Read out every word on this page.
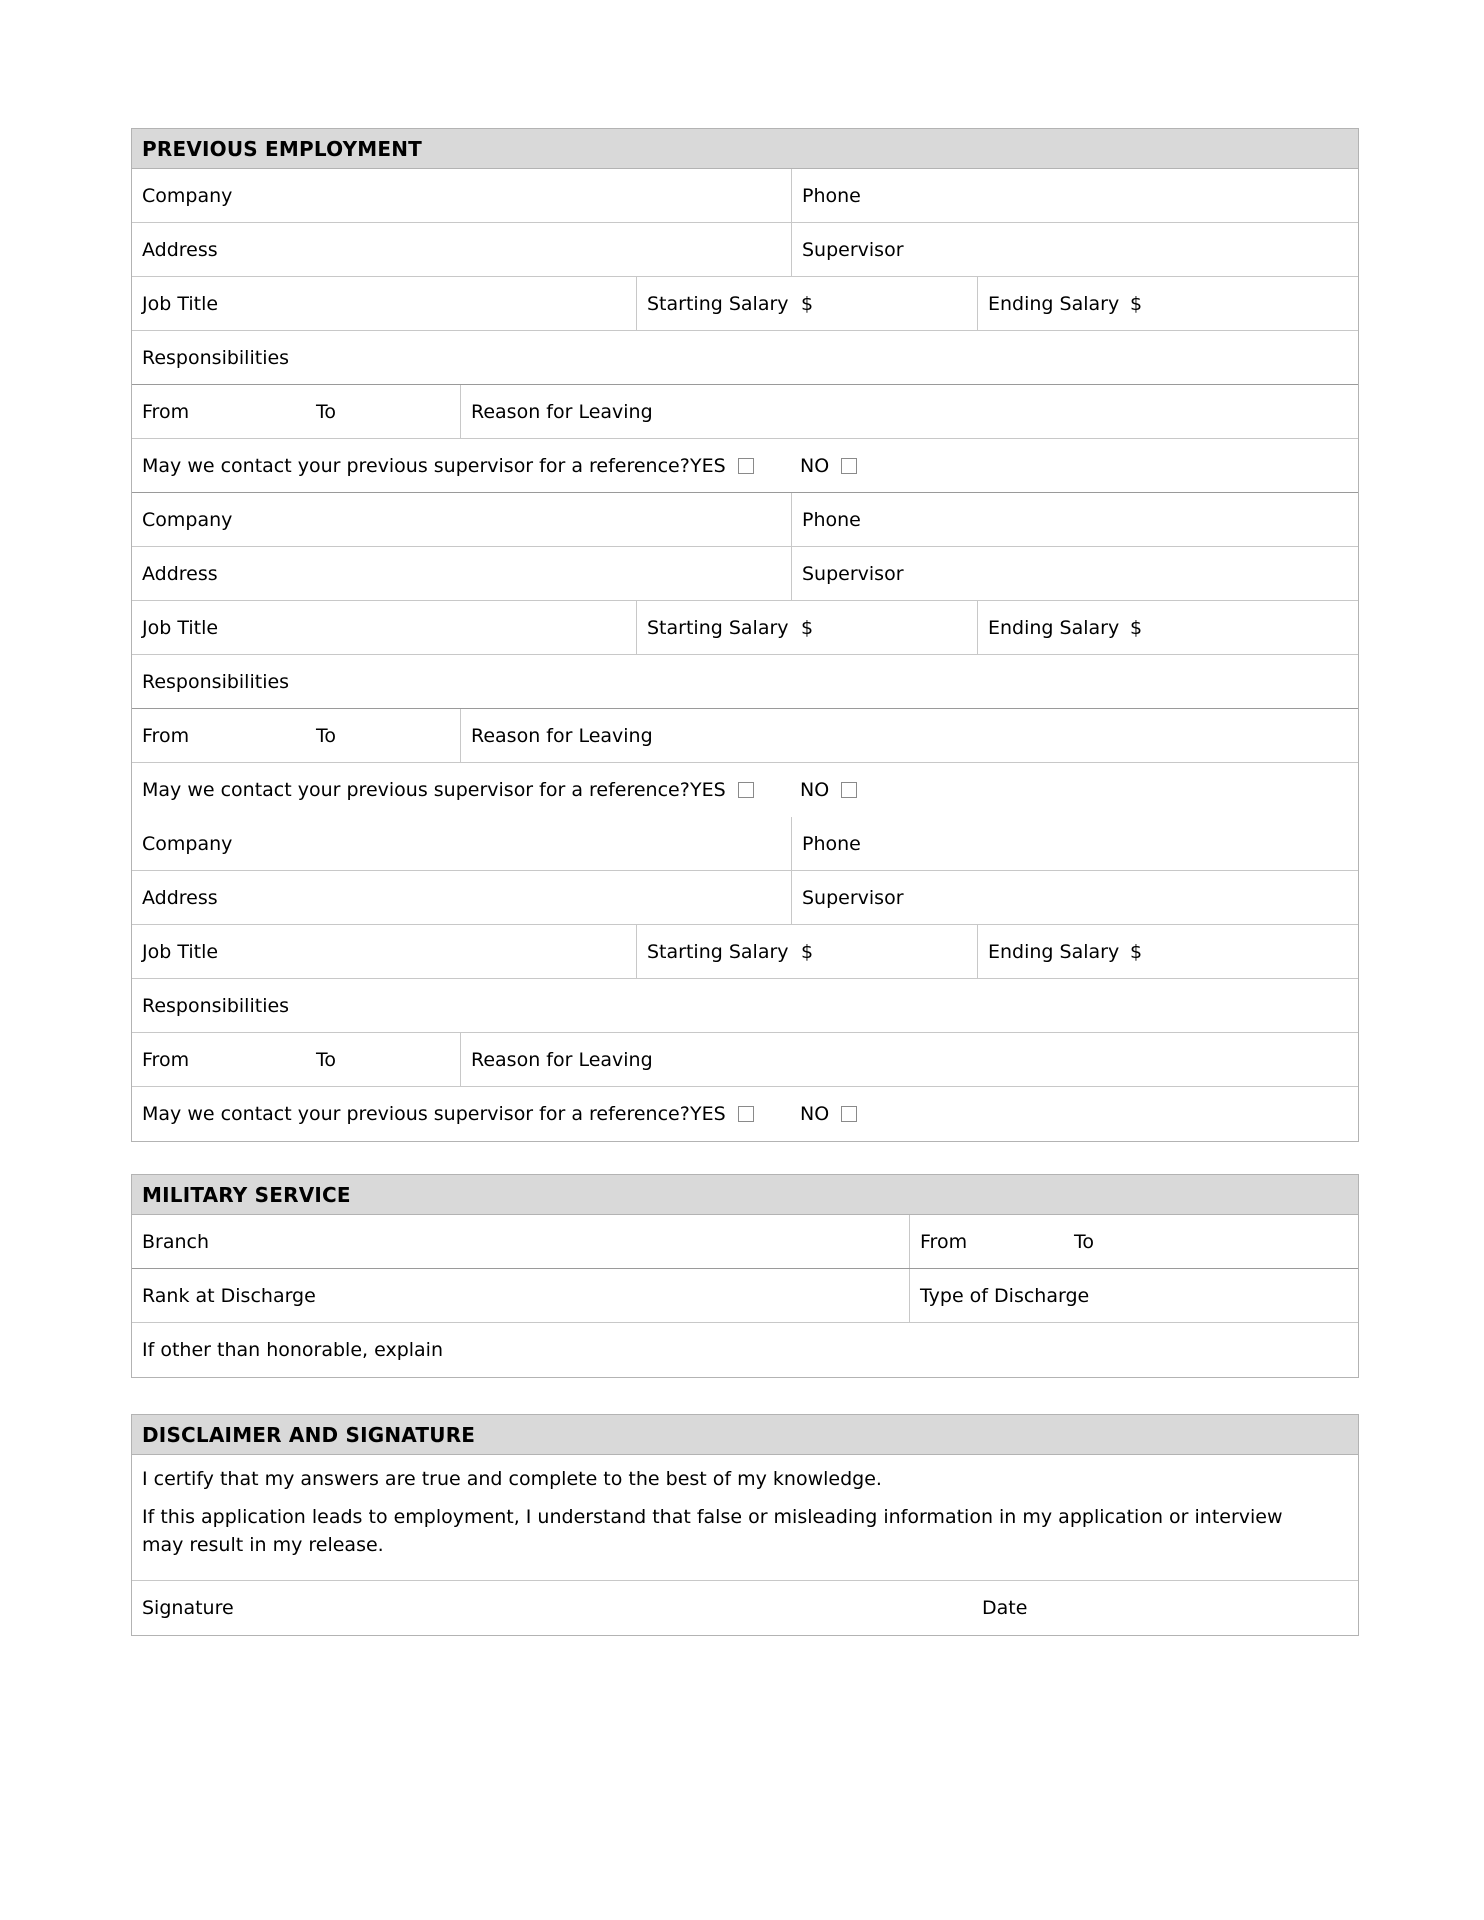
PREVIOUS EMPLOYMENT
Company	Phone
Address	Supervisor
Job Title	Starting Salary $	Ending Salary $
Responsibilities
From	To	Reason for Leaving
May we contact your previous supervisor for a reference? YES	NO
Company	Phone
Address	Supervisor
Job Title	Starting Salary $	Ending Salary $
Responsibilities
From	To	Reason for Leaving
May we contact your previous supervisor for a reference? YES	NO
Company	Phone
Address	Supervisor
Job Title	Starting Salary $	Ending Salary $
Responsibilities
From	To	Reason for Leaving
May we contact your previous supervisor for a reference? YES	NO
MILITARY SERVICE
Branch	From	To
Rank at Discharge	Type of Discharge
If other than honorable, explain
DISCLAIMER AND SIGNATURE
I certify that my answers are true and complete to the best of my knowledge.
If this application leads to employment, I understand that false or misleading information in my application or interview
may result in my release.
Signature	Date
